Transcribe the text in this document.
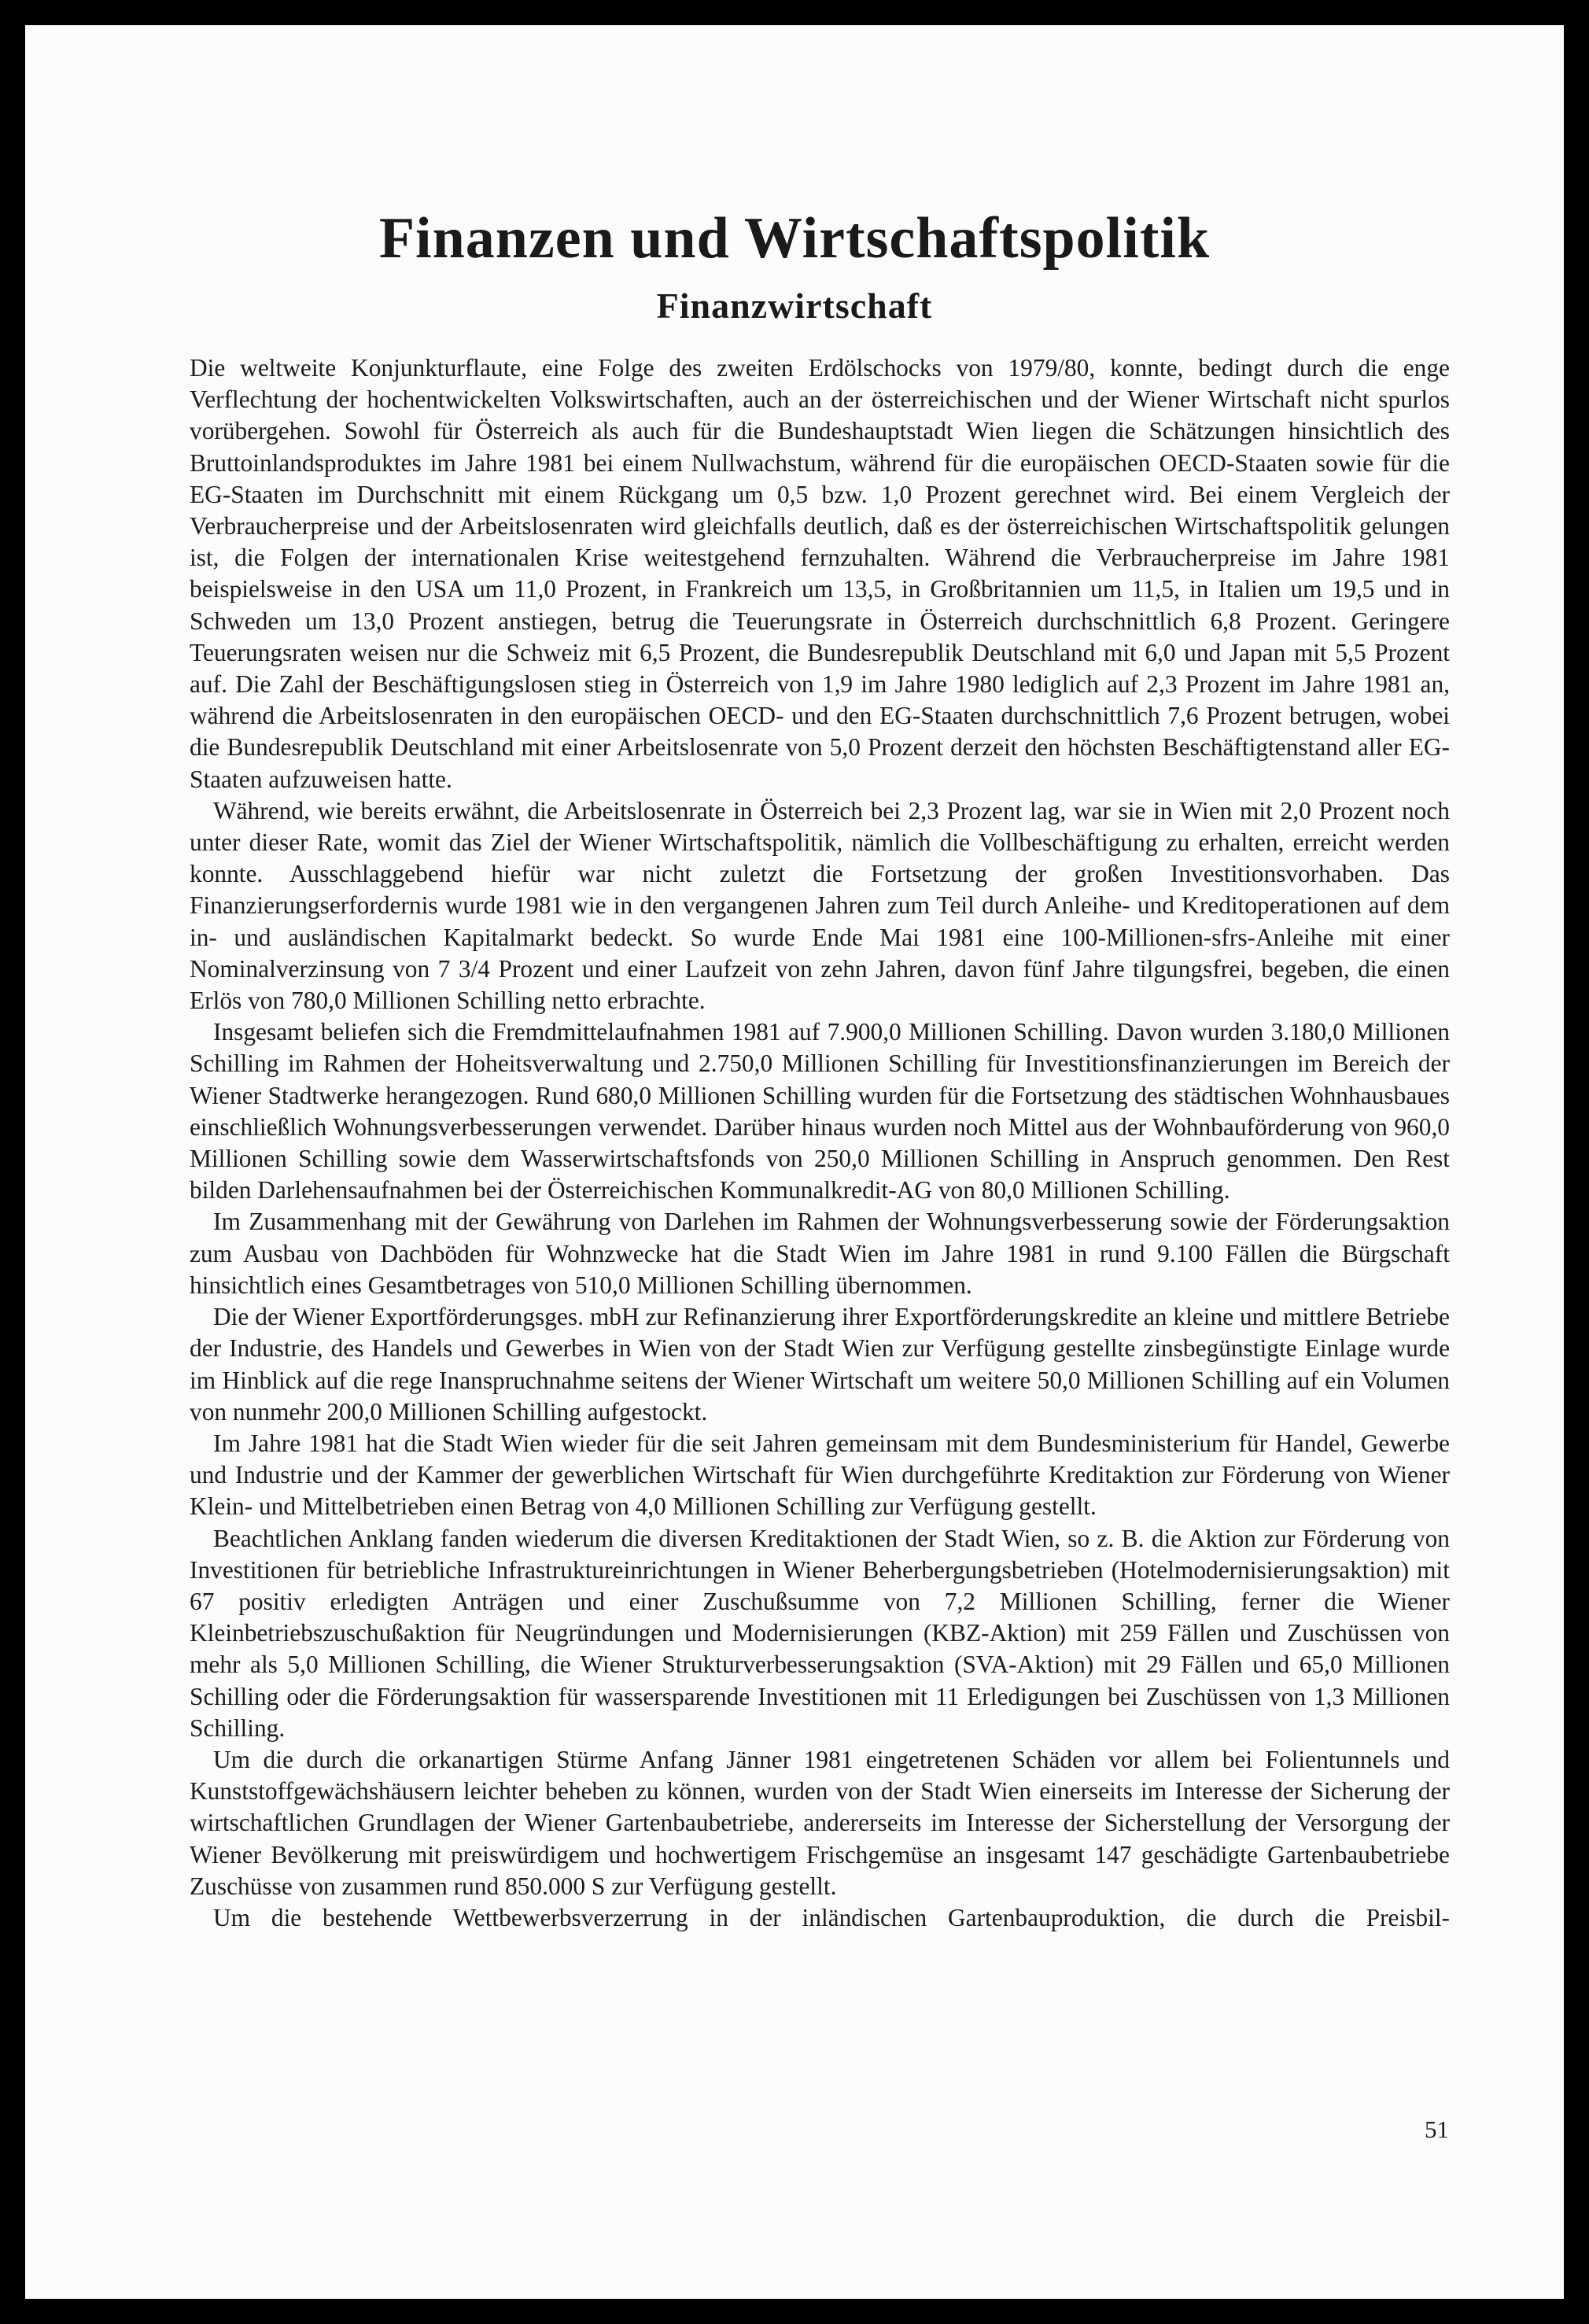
Finanzen und Wirtschaftspolitik
Finanzwirtschaft

Die weltweite Konjunkturflaute, eine Folge des zweiten Erdölschocks von 1979/80, konnte, bedingt durch die enge Verflechtung der hochentwickelten Volkswirtschaften, auch an der österreichischen und der Wiener Wirtschaft nicht spurlos vorübergehen. Sowohl für Österreich als auch für die Bundeshauptstadt Wien liegen die Schätzungen hinsichtlich des Bruttoinlandsproduktes im Jahre 1981 bei einem Nullwachstum, während für die europäischen OECD-Staaten sowie für die EG-Staaten im Durchschnitt mit einem Rückgang um 0,5 bzw. 1,0 Prozent gerechnet wird. Bei einem Vergleich der Verbraucherpreise und der Arbeitslosenraten wird gleichfalls deutlich, daß es der österreichischen Wirtschaftspolitik gelungen ist, die Folgen der internationalen Krise weitestgehend fernzuhalten. Während die Verbraucherpreise im Jahre 1981 beispielsweise in den USA um 11,0 Prozent, in Frankreich um 13,5, in Großbritannien um 11,5, in Italien um 19,5 und in Schweden um 13,0 Prozent anstiegen, betrug die Teuerungsrate in Österreich durchschnittlich 6,8 Prozent. Geringere Teuerungsraten weisen nur die Schweiz mit 6,5 Prozent, die Bundesrepublik Deutschland mit 6,0 und Japan mit 5,5 Prozent auf. Die Zahl der Beschäftigungslosen stieg in Österreich von 1,9 im Jahre 1980 lediglich auf 2,3 Prozent im Jahre 1981 an, während die Arbeitslosenraten in den europäischen OECD- und den EG-Staaten durchschnittlich 7,6 Prozent betrugen, wobei die Bundesrepublik Deutschland mit einer Arbeitslosenrate von 5,0 Prozent derzeit den höchsten Beschäftigtenstand aller EG-Staaten aufzuweisen hatte.

Während, wie bereits erwähnt, die Arbeitslosenrate in Österreich bei 2,3 Prozent lag, war sie in Wien mit 2,0 Prozent noch unter dieser Rate, womit das Ziel der Wiener Wirtschaftspolitik, nämlich die Vollbeschäftigung zu erhalten, erreicht werden konnte. Ausschlaggebend hiefür war nicht zuletzt die Fortsetzung der großen Investitionsvorhaben. Das Finanzierungserfordernis wurde 1981 wie in den vergangenen Jahren zum Teil durch Anleihe- und Kreditoperationen auf dem in- und ausländischen Kapitalmarkt bedeckt. So wurde Ende Mai 1981 eine 100-Millionen-sfrs-Anleihe mit einer Nominalverzinsung von 7 3/4 Prozent und einer Laufzeit von zehn Jahren, davon fünf Jahre tilgungsfrei, begeben, die einen Erlös von 780,0 Millionen Schilling netto erbrachte.

Insgesamt beliefen sich die Fremdmittelaufnahmen 1981 auf 7.900,0 Millionen Schilling. Davon wurden 3.180,0 Millionen Schilling im Rahmen der Hoheitsverwaltung und 2.750,0 Millionen Schilling für Investitionsfinanzierungen im Bereich der Wiener Stadtwerke herangezogen. Rund 680,0 Millionen Schilling wurden für die Fortsetzung des städtischen Wohnhausbaues einschließlich Wohnungsverbesserungen verwendet. Darüber hinaus wurden noch Mittel aus der Wohnbauförderung von 960,0 Millionen Schilling sowie dem Wasserwirtschaftsfonds von 250,0 Millionen Schilling in Anspruch genommen. Den Rest bilden Darlehensaufnahmen bei der Österreichischen Kommunalkredit-AG von 80,0 Millionen Schilling.

Im Zusammenhang mit der Gewährung von Darlehen im Rahmen der Wohnungsverbesserung sowie der Förderungsaktion zum Ausbau von Dachböden für Wohnzwecke hat die Stadt Wien im Jahre 1981 in rund 9.100 Fällen die Bürgschaft hinsichtlich eines Gesamtbetrages von 510,0 Millionen Schilling übernommen.

Die der Wiener Exportförderungsges. mbH zur Refinanzierung ihrer Exportförderungskredite an kleine und mittlere Betriebe der Industrie, des Handels und Gewerbes in Wien von der Stadt Wien zur Verfügung gestellte zinsbegünstigte Einlage wurde im Hinblick auf die rege Inanspruchnahme seitens der Wiener Wirtschaft um weitere 50,0 Millionen Schilling auf ein Volumen von nunmehr 200,0 Millionen Schilling aufgestockt.

Im Jahre 1981 hat die Stadt Wien wieder für die seit Jahren gemeinsam mit dem Bundesministerium für Handel, Gewerbe und Industrie und der Kammer der gewerblichen Wirtschaft für Wien durchgeführte Kreditaktion zur Förderung von Wiener Klein- und Mittelbetrieben einen Betrag von 4,0 Millionen Schilling zur Verfügung gestellt.

Beachtlichen Anklang fanden wiederum die diversen Kreditaktionen der Stadt Wien, so z. B. die Aktion zur Förderung von Investitionen für betriebliche Infrastruktureinrichtungen in Wiener Beherbergungsbetrieben (Hotelmodernisierungsaktion) mit 67 positiv erledigten Anträgen und einer Zuschußsumme von 7,2 Millionen Schilling, ferner die Wiener Kleinbetriebszuschußaktion für Neugründungen und Modernisierungen (KBZ-Aktion) mit 259 Fällen und Zuschüssen von mehr als 5,0 Millionen Schilling, die Wiener Strukturverbesserungsaktion (SVA-Aktion) mit 29 Fällen und 65,0 Millionen Schilling oder die Förderungsaktion für wassersparende Investitionen mit 11 Erledigungen bei Zuschüssen von 1,3 Millionen Schilling.

Um die durch die orkanartigen Stürme Anfang Jänner 1981 eingetretenen Schäden vor allem bei Folientunnels und Kunststoffgewächshäusern leichter beheben zu können, wurden von der Stadt Wien einerseits im Interesse der Sicherung der wirtschaftlichen Grundlagen der Wiener Gartenbaubetriebe, andererseits im Interesse der Sicherstellung der Versorgung der Wiener Bevölkerung mit preiswürdigem und hochwertigem Frischgemüse an insgesamt 147 geschädigte Gartenbaubetriebe Zuschüsse von zusammen rund 850.000 S zur Verfügung gestellt.

Um die bestehende Wettbewerbsverzerrung in der inländischen Gartenbauproduktion, die durch die Preisbil-

51
